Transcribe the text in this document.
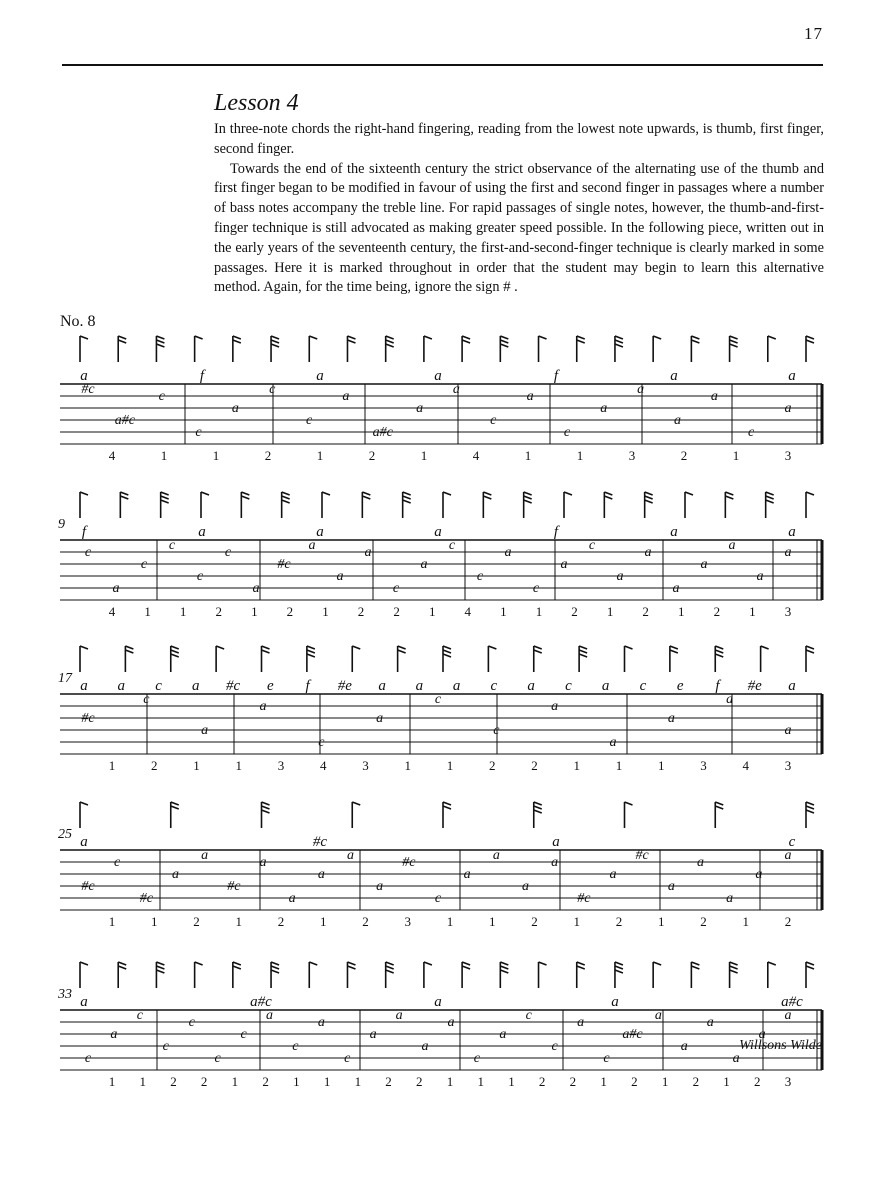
17
Lesson 4

In three-note chords the right-hand fingering, reading from the lowest note upwards, is thumb, first finger, second finger.

Towards the end of the sixteenth century the strict observance of the alternating use of the thumb and first finger began to be modified in favour of using the first and second finger in passages where a number of bass notes accompany the treble line. For rapid passages of single notes, however, the thumb-and-first-finger technique is still advocated as making greater speed possible. In the following piece, written out in the early years of the seventeenth century, the first-and-second-finger technique is clearly marked in some passages. Here it is marked throughout in order that the student may begin to learn this alternative method. Again, for the time being, ignore the sign # .

No. 8
a	f	a	a	f	a	a
#c
a#c
c
c
a
c
c
a
a#c
a
a
c
a
c
a
a
a
a
c
a
4	1	1	2	1	2	1	4	1	1	3	2	1	3
9 f	a	a	a	f	a	a
c
a
c
c
c
c
a
#c
a
a
a
c
a
c
c
a
c
a
c
a
a
a
a
a
a
a
4 1 1 2 1 2 1 2 2 1 4 1 1 2 1 2 1 2 1 3
17 a a c a #c e f #e a a a c a c a c e f #e a
#c
c
a
a
c
a
c
c
a
a
a
a
a
1	2	1	1	3	4	3	1	1	2	2	1	1	1	3	4	3
25 a	#c	a	c
#c
c
#c
a
a
#c
a
a
a
a
a
#c
c
a
a
a
a
#c
a
#c
a
a
a
a
a
1	1	2	1	2	1	2	3	1	1	2	1	2	1	2	1	2
33 a	a#c	a	a	a#c
c
a
c
c
c
c
c
a
c
a
c
a
a
a
a
c
a
c
c
a
c
a#c
a
a
a
a
a
a
1 1 2 2 1 2 1 1 1 2 2 1 1 1 2 2 1 2 1 2 1 2 3
Willsons Wilde
